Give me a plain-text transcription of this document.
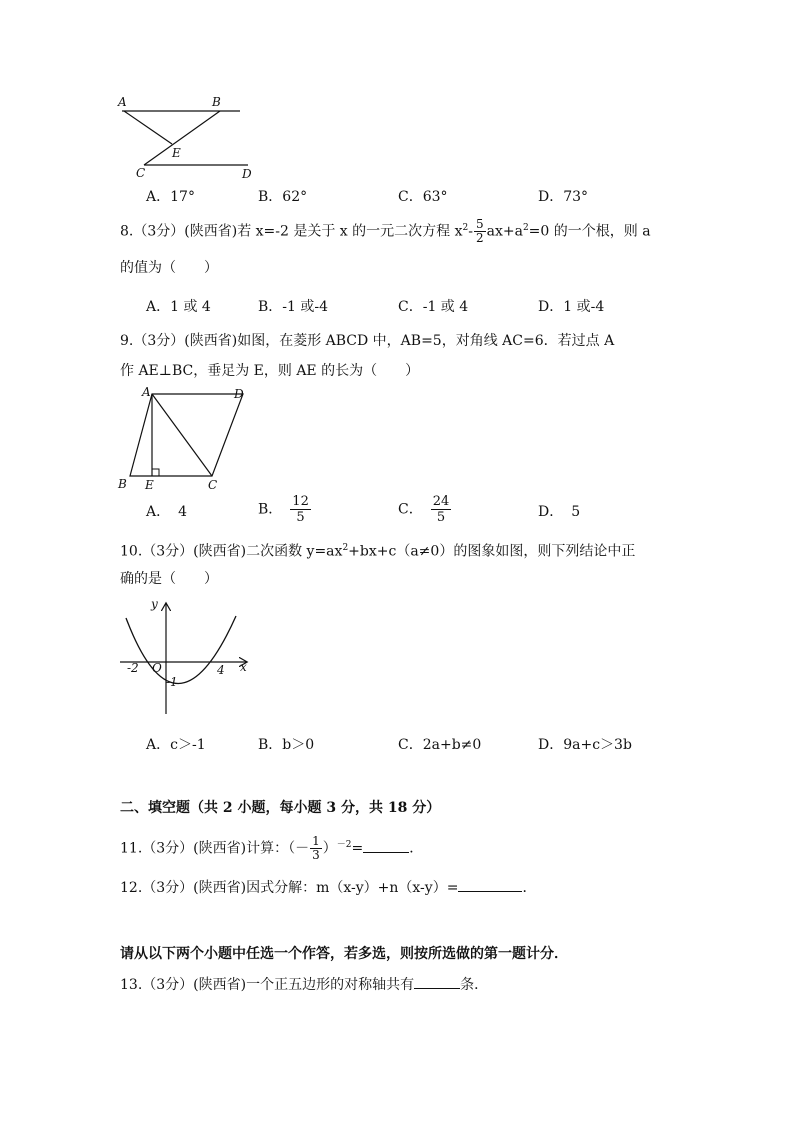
A	B
E
C	D
A．17°	B．62°	C．63°	D．73°
8.（3分）(陕西省)若 x=-2 是关于 x 的一元二次方程 $x^2- \frac{5}{2} ax+a^2=0$ 的一个根，则 a
的值为（　　）
A．1 或 4	B．-1 或-4	C．-1 或 4	D．1 或-4
9.（3分）(陕西省)如图，在菱形 ABCD 中，AB=5，对角线 AC=6．若过点 A
作 AE⊥BC，垂足为 E，则 AE 的长为（　　）
A	D
B E	C
A． 4	B． $\frac{12}{5}$	C． $\frac{24}{5}$	D． 5
10.（3分）(陕西省)二次函数 $y=ax^2+bx+c(a\ne 0)$的图象如图，则下列结论中正
确的是（　　）
y
x
O
-2	4
-1
A．c＞-1	B．b＞0	C．2a+b≠0	D．9a+c＞3b
二、填空题（共 2 小题，每小题 3 分，共 18 分）
11.（3分）(陕西省)计算：（－ $\frac{1}{3} )^{-2}=$	．
12.（3分）(陕西省)因式分解：m（x-y）+n（x-y）=	．
请从以下两个小题中任选一个作答，若多选，则按所选做的第一题计分．
13.（3分）(陕西省)一个正五边形的对称轴共有	条．
